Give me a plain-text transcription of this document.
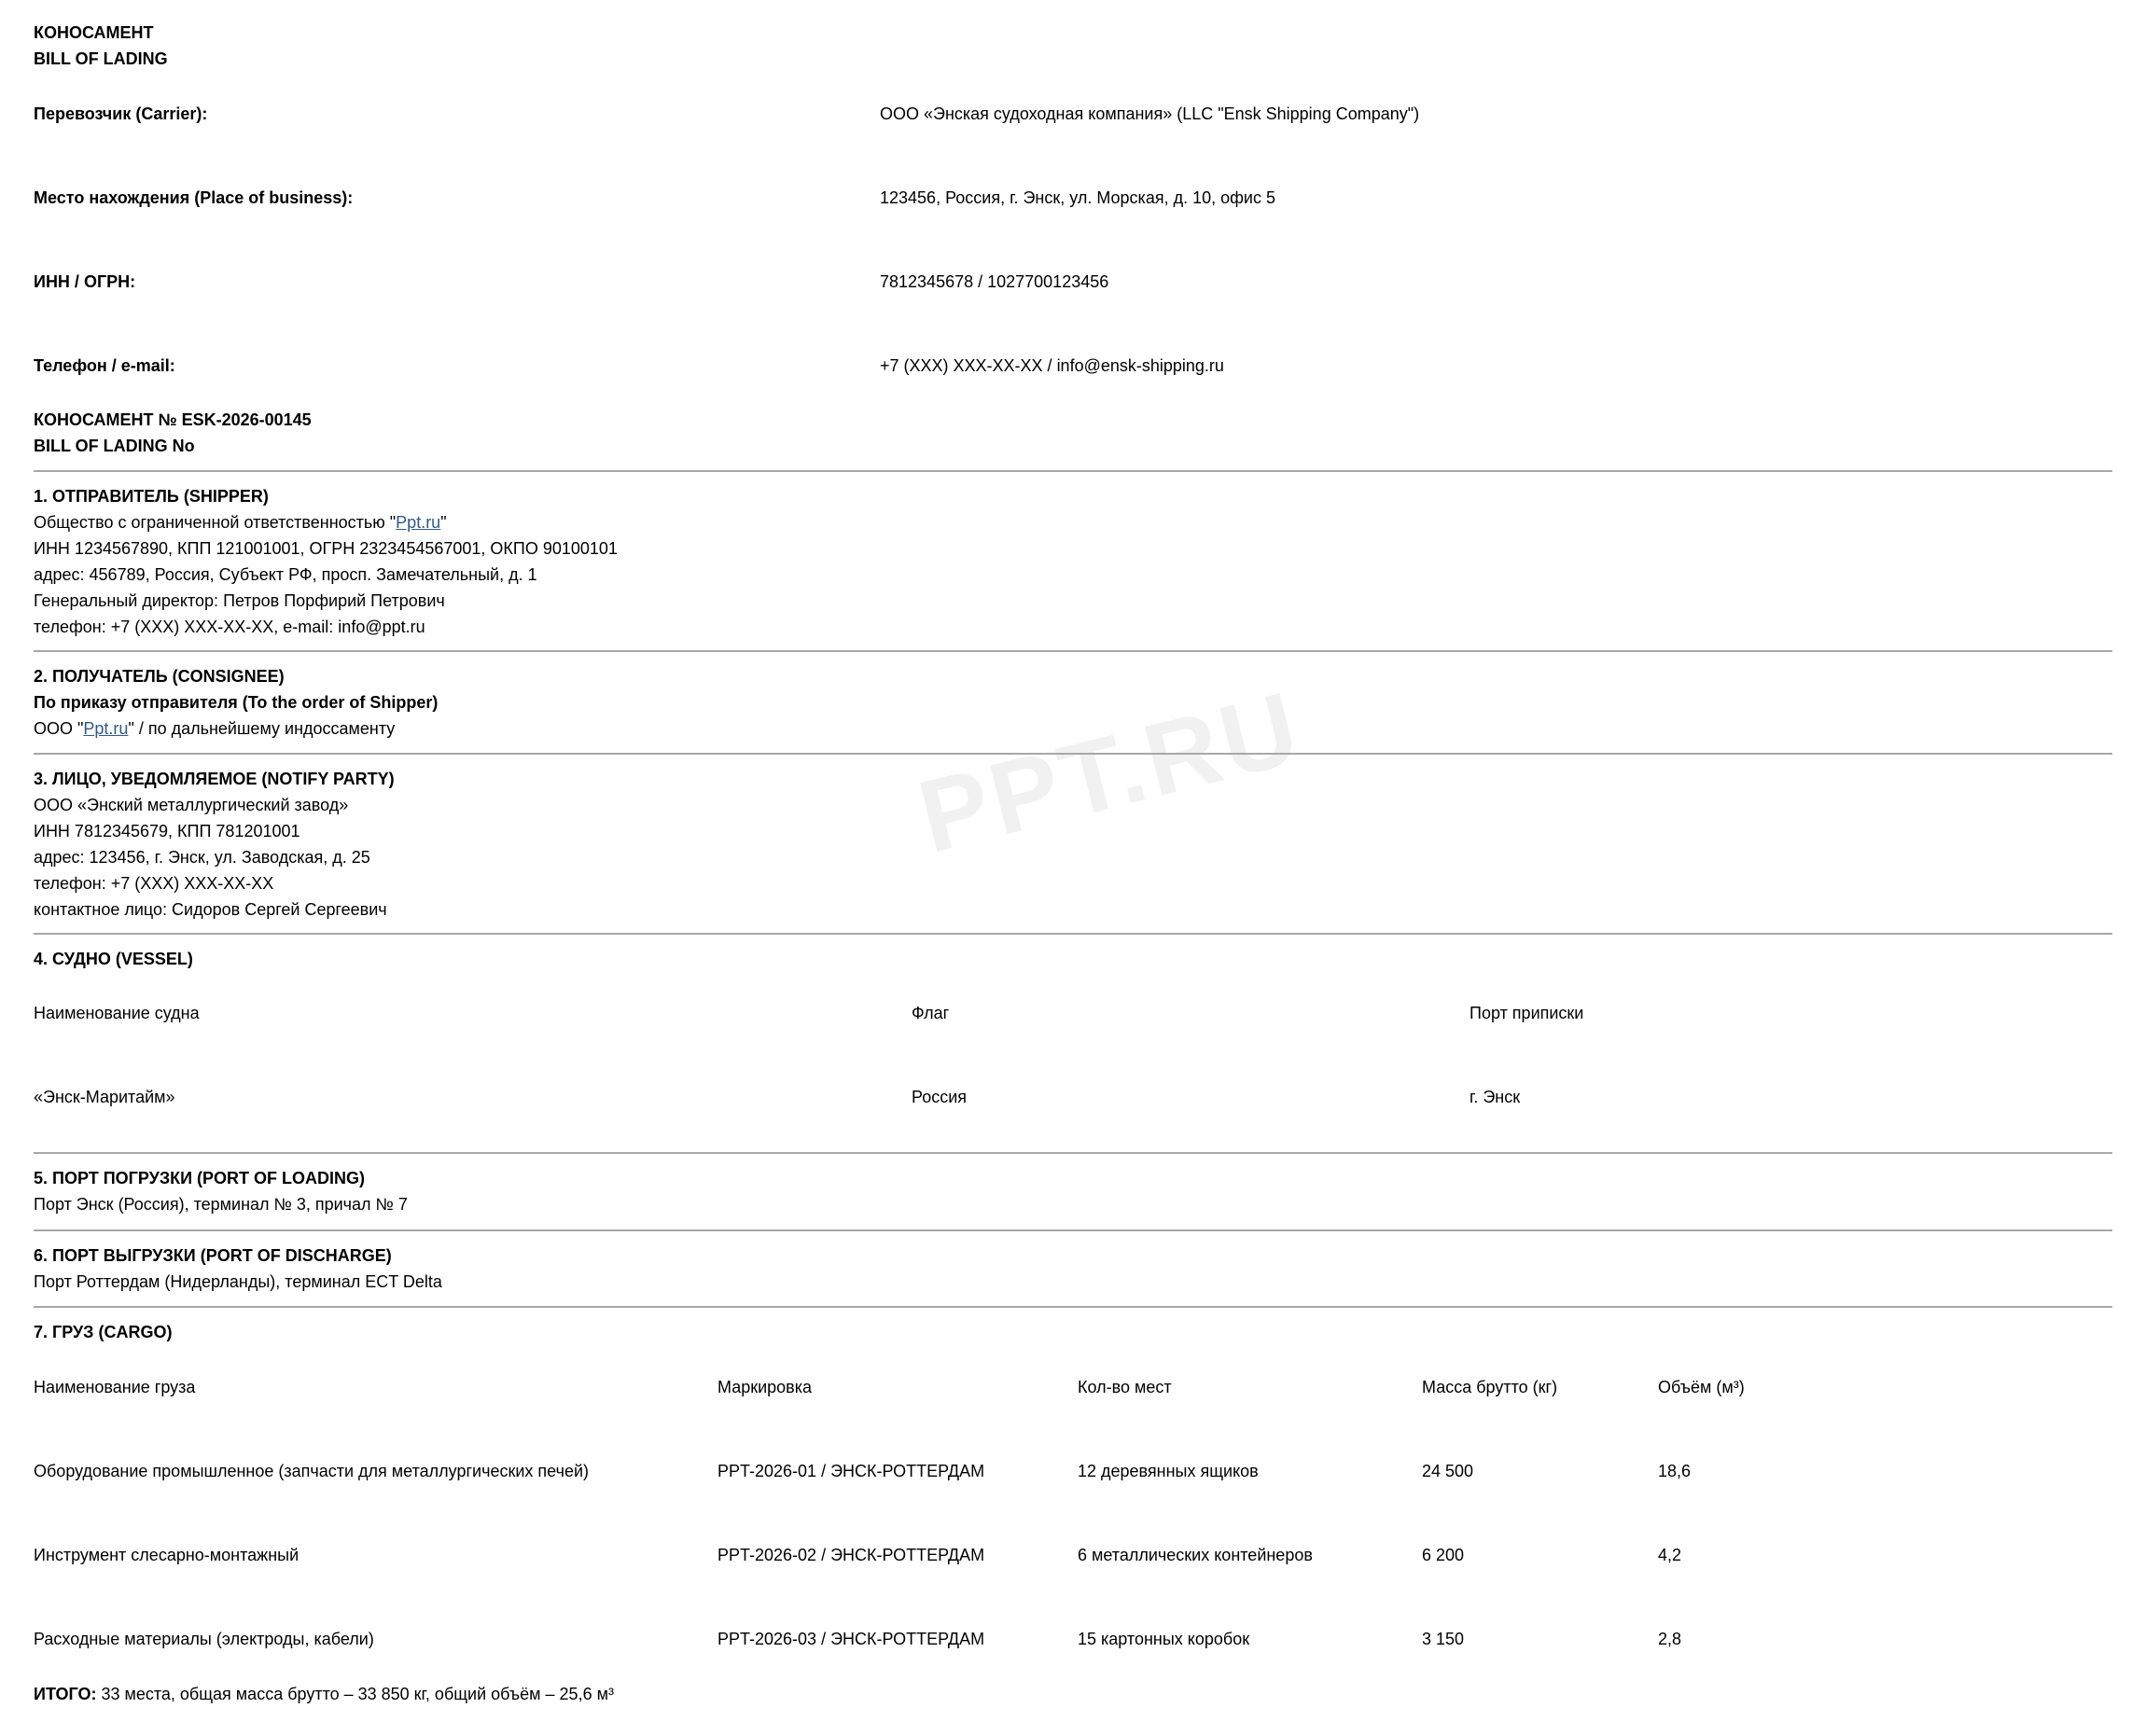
PPT.RU
КОНОСАМЕНТ
BILL OF LADING
Перевозчик (Carrier):	ООО «Энская судоходная компания» (LLC "Ensk Shipping Company")
Место нахождения (Place of business):	123456, Россия, г. Энск, ул. Морская, д. 10, офис 5
ИНН / ОГРН:	7812345678 / 1027700123456
Телефон / e-mail:	+7 (XXX) XXX-XX-XX / info@ensk-shipping.ru
КОНОСАМЕНТ № ESK-2026-00145
BILL OF LADING No
1. ОТПРАВИТЕЛЬ (SHIPPER)
Общество с ограниченной ответственностью "Ppt.ru"
ИНН 1234567890, КПП 121001001, ОГРН 2323454567001, ОКПО 90100101
адрес: 456789, Россия, Субъект РФ, просп. Замечательный, д. 1
Генеральный директор: Петров Порфирий Петрович
телефон: +7 (XXX) XXX-XX-XX, e-mail: info@ppt.ru
2. ПОЛУЧАТЕЛЬ (CONSIGNEE)
По приказу отправителя (To the order of Shipper)
ООО "Ppt.ru" / по дальнейшему индоссаменту
3. ЛИЦО, УВЕДОМЛЯЕМОЕ (NOTIFY PARTY)
ООО «Энский металлургический завод»
ИНН 7812345679, КПП 781201001
адрес: 123456, г. Энск, ул. Заводская, д. 25
телефон: +7 (XXX) XXX-XX-XX
контактное лицо: Сидоров Сергей Сергеевич
4. СУДНО (VESSEL)
Наименование судна	Флаг	Порт приписки
«Энск-Маритайм»	Россия	г. Энск
5. ПОРТ ПОГРУЗКИ (PORT OF LOADING)
Порт Энск (Россия), терминал № 3, причал № 7
6. ПОРТ ВЫГРУЗКИ (PORT OF DISCHARGE)
Порт Роттердам (Нидерланды), терминал ECT Delta
7. ГРУЗ (CARGO)
Наименование груза	Маркировка	Кол-во мест	Масса брутто (кг)	Объём (м³)
Оборудование промышленное (запчасти для металлургических печей)	PPT-2026-01 / ЭНСК-РОТТЕРДАМ	12 деревянных ящиков	24 500	18,6
Инструмент слесарно-монтажный	PPT-2026-02 / ЭНСК-РОТТЕРДАМ	6 металлических контейнеров	6 200	4,2
Расходные материалы (электроды, кабели)	PPT-2026-03 / ЭНСК-РОТТЕРДАМ	15 картонных коробок	3 150	2,8
ИТОГО: 33 места, общая масса брутто – 33 850 кг, общий объём – 25,6 м³
